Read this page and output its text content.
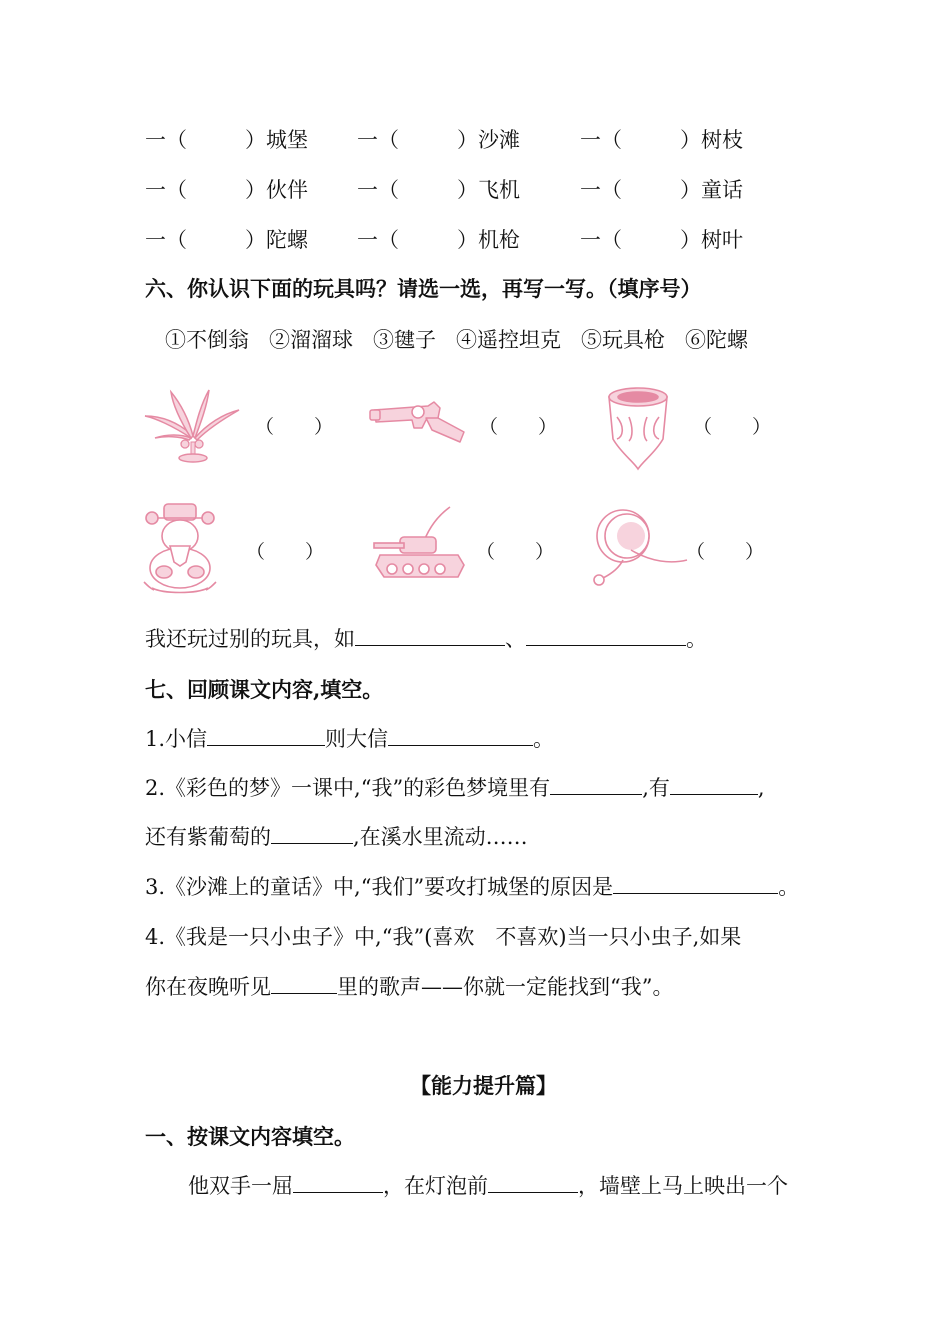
一（	）城堡 一（	）沙滩	一（	）树枝
一（	）伙伴 一（	）飞机	一（	）童话
一（	）陀螺 一（	）机枪	一（	）树叶
六、你认识下面的玩具吗？请选一选，再写一写。（填序号）
①不倒翁 ②溜溜球 ③毽子 ④遥控坦克 ⑤玩具枪 ⑥陀螺
（ ）	（ ）	（ ）
（ ）	（ ）	（ ）
我还玩过别的玩具，如	、	。
七、回顾课文内容,填空。
1.小信	则大信	。
2.《彩色的梦》一课中,“我”的彩色梦境里有	,有	,
还有紫葡萄的	,在溪水里流动……
3.《沙滩上的童话》中,“我们”要攻打城堡的原因是	。
4.《我是一只小虫子》中,“我”(喜欢　不喜欢)当一只小虫子,如果
你在夜晚听见	里的歌声——你就一定能找到“我”。
【能力提升篇】
一、按课文内容填空。
他双手一屈	，在灯泡前	，墙壁上马上映出一个
